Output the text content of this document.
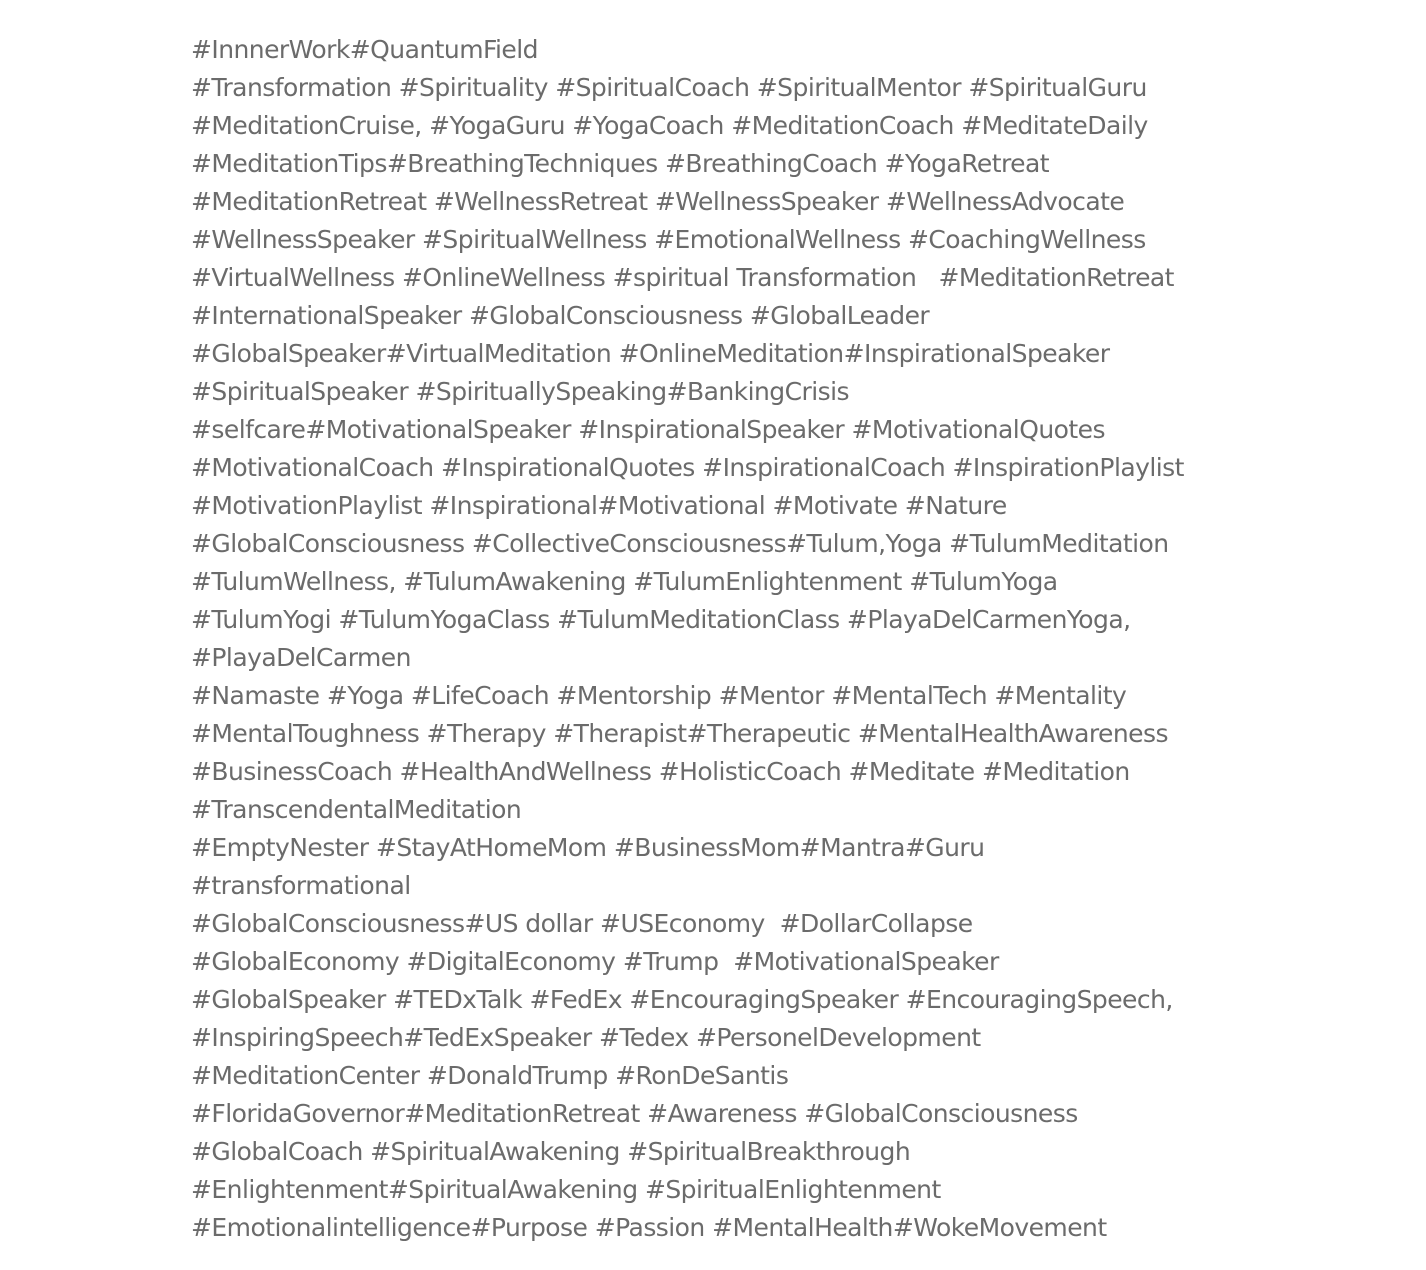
#InnnerWork#QuantumField
#Transformation #Spirituality #SpiritualCoach #SpiritualMentor #SpiritualGuru
#MeditationCruise, #YogaGuru #YogaCoach #MeditationCoach #MeditateDaily
#MeditationTips#BreathingTechniques #BreathingCoach #YogaRetreat
#MeditationRetreat #WellnessRetreat #WellnessSpeaker #WellnessAdvocate
#WellnessSpeaker #SpiritualWellness #EmotionalWellness #CoachingWellness
#VirtualWellness #OnlineWellness #spiritual Transformation   #MeditationRetreat
#InternationalSpeaker #GlobalConsciousness #GlobalLeader
#GlobalSpeaker#VirtualMeditation #OnlineMeditation#InspirationalSpeaker
#SpiritualSpeaker #SpirituallySpeaking#BankingCrisis
#selfcare#MotivationalSpeaker #InspirationalSpeaker #MotivationalQuotes
#MotivationalCoach #InspirationalQuotes #InspirationalCoach #InspirationPlaylist
#MotivationPlaylist #Inspirational#Motivational #Motivate #Nature
#GlobalConsciousness #CollectiveConsciousness#Tulum,Yoga #TulumMeditation
#TulumWellness, #TulumAwakening #TulumEnlightenment #TulumYoga
#TulumYogi #TulumYogaClass #TulumMeditationClass #PlayaDelCarmenYoga,
#PlayaDelCarmen
#Namaste #Yoga #LifeCoach #Mentorship #Mentor #MentalTech #Mentality
#MentalToughness #Therapy #Therapist#Therapeutic #MentalHealthAwareness
#BusinessCoach #HealthAndWellness #HolisticCoach #Meditate #Meditation
#TranscendentalMeditation
#EmptyNester #StayAtHomeMom #BusinessMom#Mantra#Guru
#transformational
#GlobalConsciousness#US dollar #USEconomy  #DollarCollapse
#GlobalEconomy #DigitalEconomy #Trump  #MotivationalSpeaker
#GlobalSpeaker #TEDxTalk #FedEx #EncouragingSpeaker #EncouragingSpeech,
#InspiringSpeech#TedExSpeaker #Tedex #PersonelDevelopment
#MeditationCenter #DonaldTrump #RonDeSantis
#FloridaGovernor#MeditationRetreat #Awareness #GlobalConsciousness
#GlobalCoach #SpiritualAwakening #SpiritualBreakthrough
#Enlightenment#SpiritualAwakening #SpiritualEnlightenment
#Emotionalintelligence#Purpose #Passion #MentalHealth#WokeMovement
